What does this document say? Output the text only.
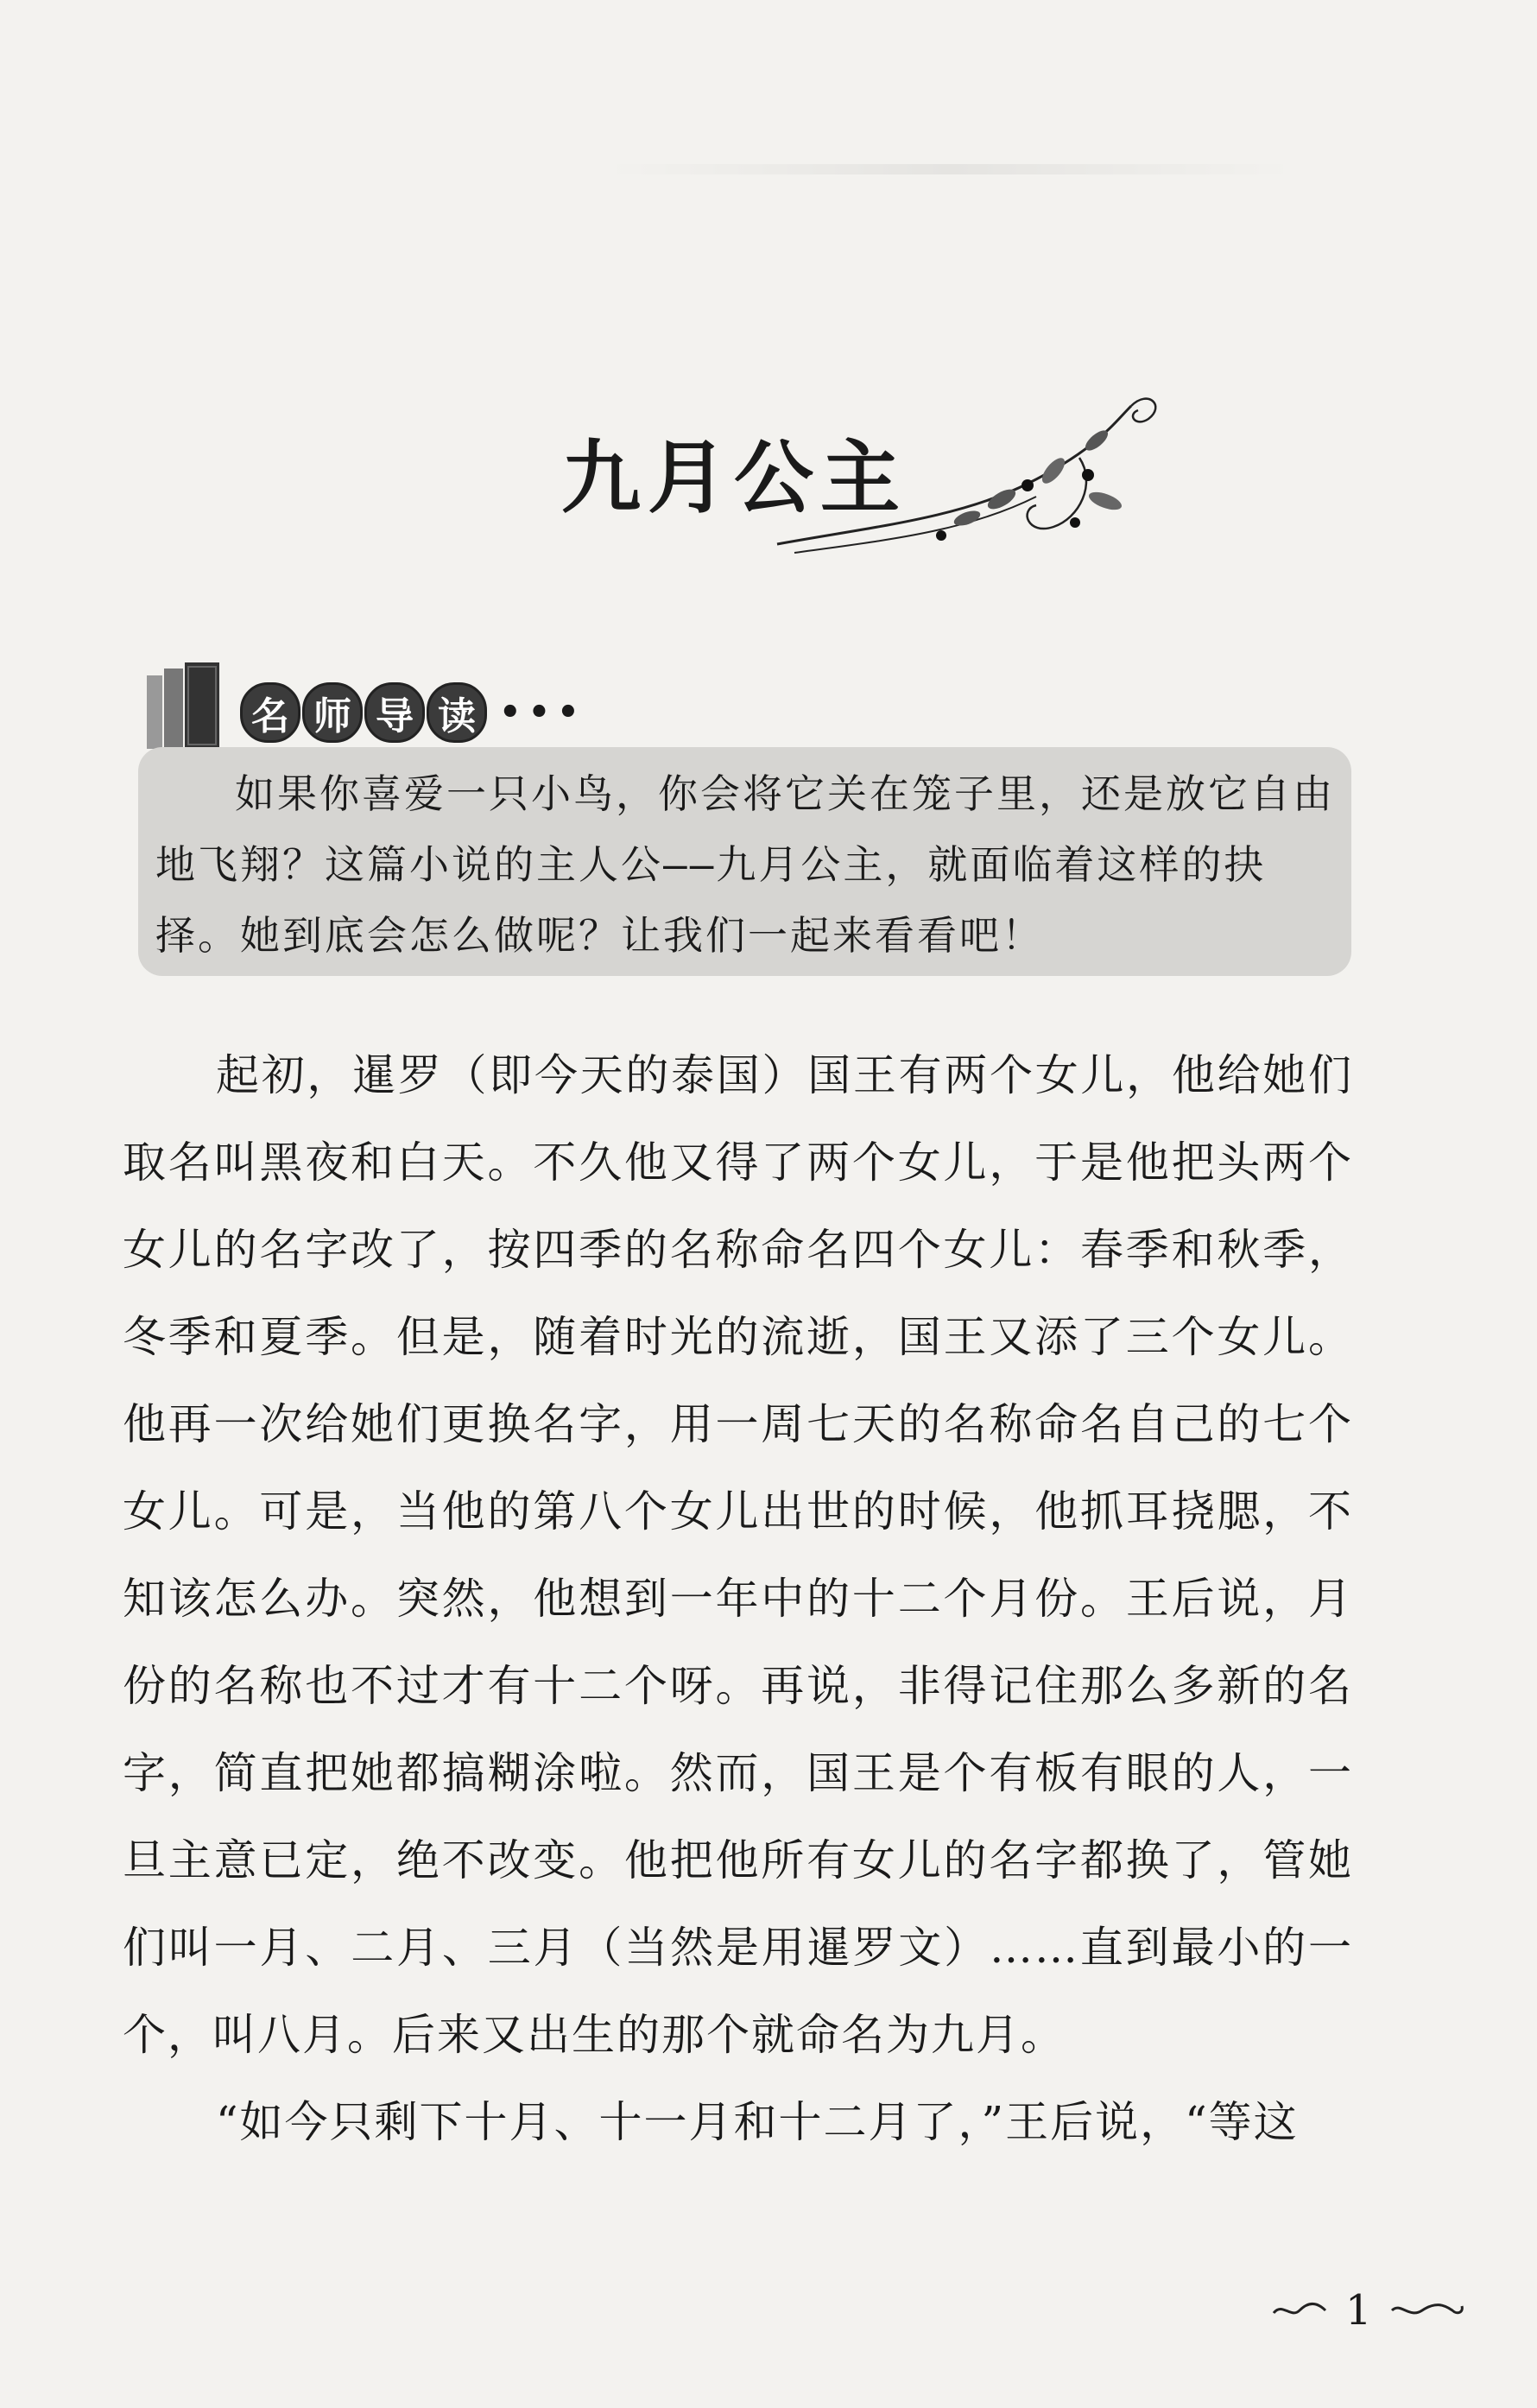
九月公主
名 师 导 读 •••
如果你喜爱一只小鸟，你会将它关在笼子里，还是放它自由地飞翔？这篇小说的主人公——九月公主，就面临着这样的抉择。她到底会怎么做呢？让我们一起来看看吧！

起初，暹罗（即今天的泰国）国王有两个女儿，他给她们取名叫黑夜和白天。不久他又得了两个女儿，于是他把头两个女儿的名字改了，按四季的名称命名四个女儿：春季和秋季，冬季和夏季。但是，随着时光的流逝，国王又添了三个女儿。他再一次给她们更换名字，用一周七天的名称命名自己的七个女儿。可是，当他的第八个女儿出世的时候，他抓耳挠腮，不知该怎么办。突然，他想到一年中的十二个月份。王后说，月份的名称也不过才有十二个呀。再说，非得记住那么多新的名字，简直把她都搞糊涂啦。然而，国王是个有板有眼的人，一旦主意已定，绝不改变。他把他所有女儿的名字都换了，管她们叫一月、二月、三月（当然是用暹罗文）……直到最小的一个，叫八月。后来又出生的那个就命名为九月。

“如今只剩下十月、十一月和十二月了，”王后说，“等这

1
